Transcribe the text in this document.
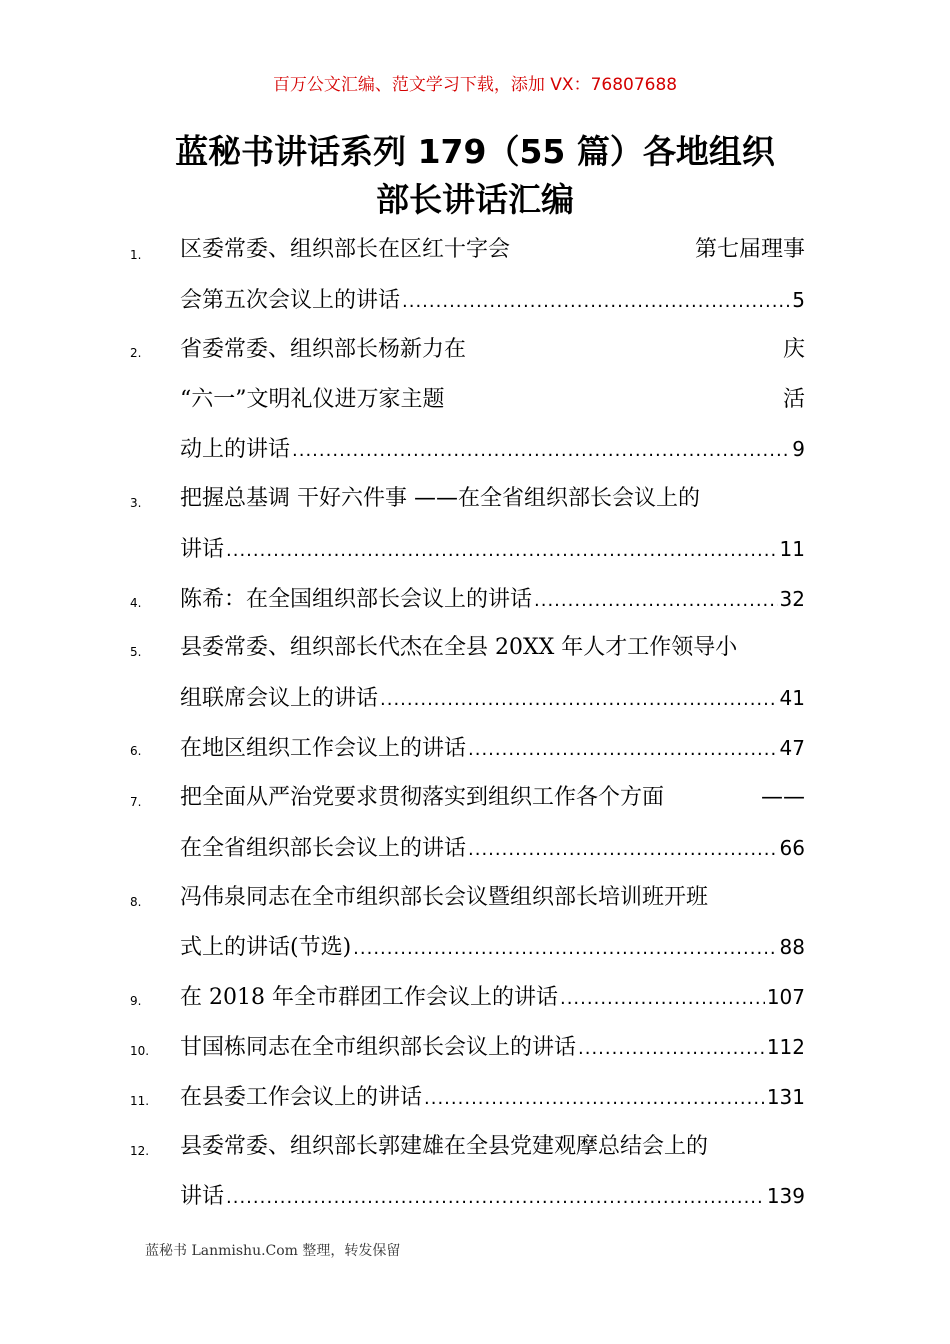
百万公文汇编、范文学习下载，添加 VX：76807688
蓝秘书讲话系列 179（55 篇）各地组织
部长讲话汇编
1.	区委常委、组织部长在区红十字会	第七届理事
会第五次会议上的讲话 .....	5
2.	省委常委、组织部长杨新力在	庆
“六一”文明礼仪进万家主题	活
动上的讲话 .....	9
3.	把握总基调 干好六件事 ——在全省组织部长会议上的
讲话 .....	11
4.	陈希：在全国组织部长会议上的讲话 .....	32
5.	县委常委、组织部长代杰在全县 20XX 年人才工作领导小
组联席会议上的讲话 .....	41
6.	在地区组织工作会议上的讲话 .....	47
7.	把全面从严治党要求贯彻落实到组织工作各个方面	——
在全省组织部长会议上的讲话 .....	66
8.	冯伟泉同志在全市组织部长会议暨组织部长培训班开班
式上的讲话(节选) .....	88
9.	在 2018 年全市群团工作会议上的讲话 .....	107
10.	甘国栋同志在全市组织部长会议上的讲话 .....	112
11.	在县委工作会议上的讲话 .....	131
12.	县委常委、组织部长郭建雄在全县党建观摩总结会上的
讲话 .....	139
蓝秘书 Lanmishu.Com 整理，转发保留
